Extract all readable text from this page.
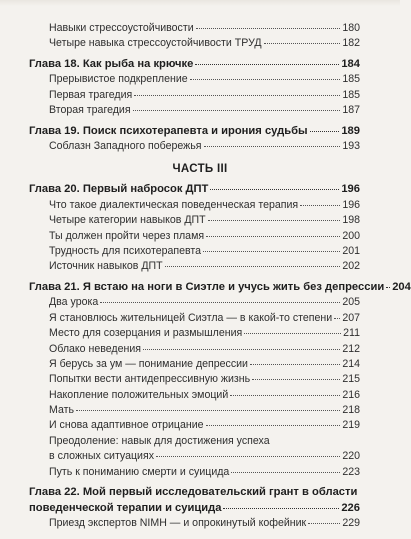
Навыки стрессоустойчивости	180
Четыре навыка стрессоустойчивости ТРУД	182
Глава 18. Как рыба на крючке	184
Прерывистое подкрепление	185
Первая трагедия	185
Вторая трагедия	187
Глава 19. Поиск психотерапевта и ирония судьбы	189
Соблазн Западного побережья	193
ЧАСТЬ III
Глава 20. Первый набросок ДПТ	196
Что такое диалектическая поведенческая терапия	196
Четыре категории навыков ДПТ	198
Ты должен пройти через пламя	200
Трудность для психотерапевта	201
Источник навыков ДПТ	202
Глава 21. Я встаю на ноги в Сиэтле и учусь жить без депрессии 204
Два урока	205
Я становлюсь жительницей Сиэтла — в какой-то степени 207
Место для созерцания и размышления	211
Облако неведения	212
Я берусь за ум — понимание депрессии	214
Попытки вести антидепрессивную жизнь	215
Накопление положительных эмоций	216
Мать	218
И снова адаптивное отрицание	219
Преодоление: навык для достижения успеха
в сложных ситуациях	220
Путь к пониманию смерти и суицида	223
Глава 22. Мой первый исследовательский грант в области
поведенческой терапии и суицида	226
Приезд экспертов NIMH — и опрокинутый кофейник	229
